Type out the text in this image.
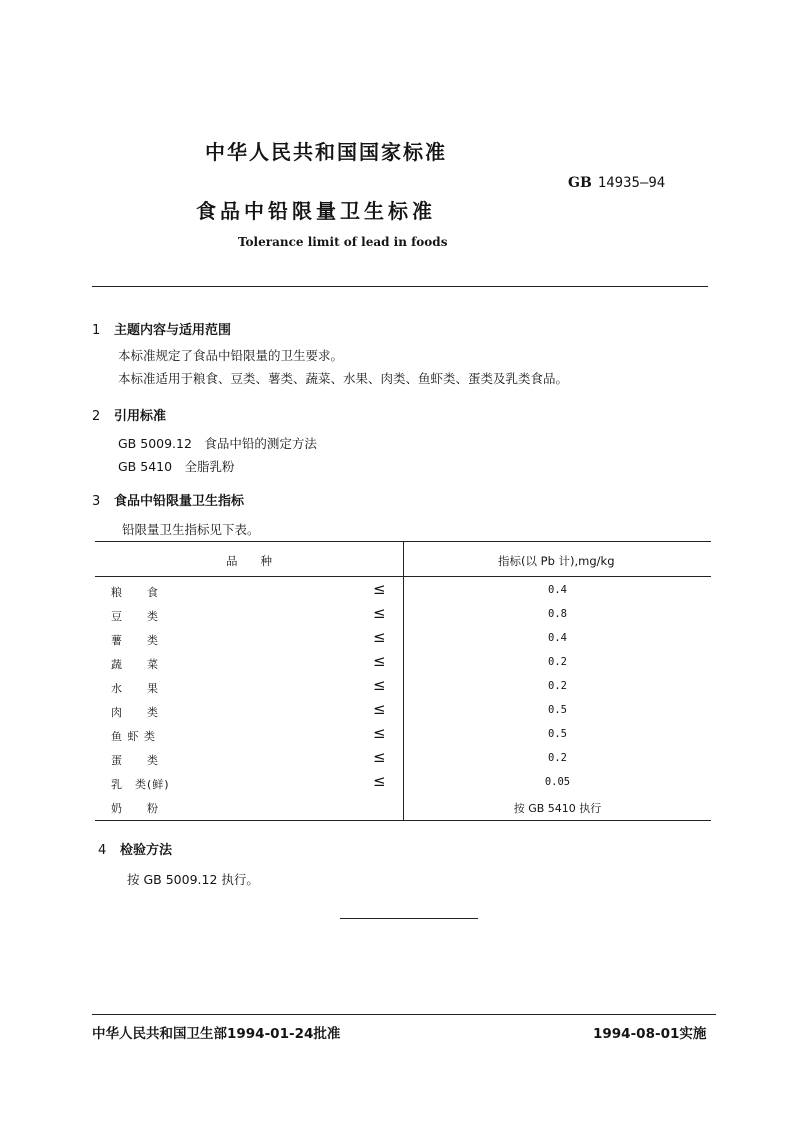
中华人民共和国国家标准
GB 14935—94
食品中铅限量卫生标准
Tolerance limit of lead in foods
1 主题内容与适用范围
本标准规定了食品中铅限量的卫生要求。
本标准适用于粮食、豆类、薯类、蔬菜、水果、肉类、鱼虾类、蛋类及乳类食品。
2 引用标准
GB 5009.12　食品中铅的测定方法
GB 5410　全脂乳粉
3 食品中铅限量卫生指标
铅限量卫生指标见下表。
品　　种	指标(以 Pb 计),mg/kg
粮　　食	≤	0.4
豆　　类	≤	0.8
薯　　类	≤	0.4
蔬　　菜	≤	0.2
水　　果	≤	0.2
肉　　类	≤	0.5
鱼 虾 类	≤	0.5
蛋　　类	≤	0.2
乳　类(鲜)	≤	0.05
奶　　粉	按 GB 5410 执行
4 检验方法
按 GB 5009.12 执行。
中华人民共和国卫生部1994-01-24批准	1994-08-01实施
